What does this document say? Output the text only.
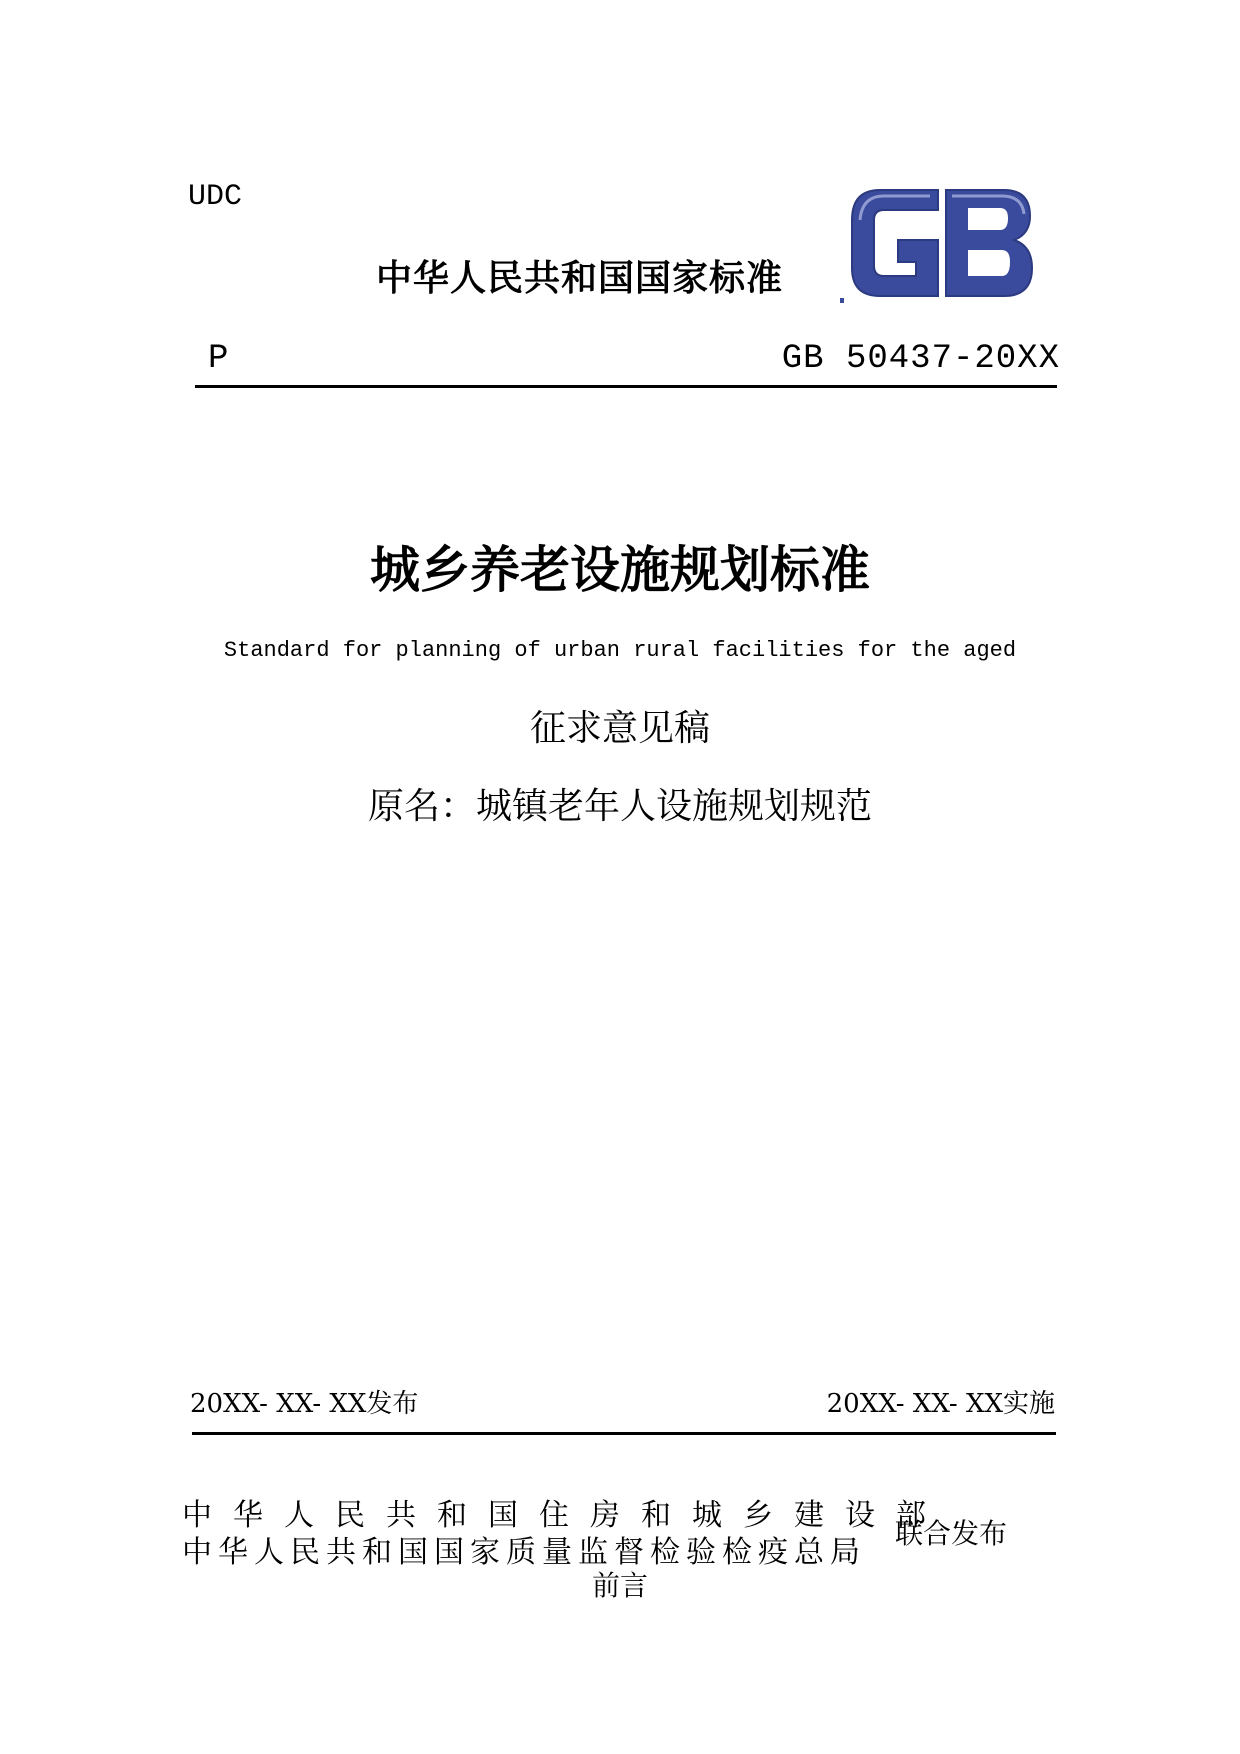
UDC
中华人民共和国国家标准
P	GB 50437-20XX
城乡养老设施规划标准
Standard for planning of urban rural facilities for the aged
征求意见稿
原名：城镇老年人设施规划规范
20XX- XX- XX发布	20XX- XX- XX实施
中华人民共和国住房和城乡建设部
中华人民共和国国家质量监督检验检疫总局
联合发布
前言
